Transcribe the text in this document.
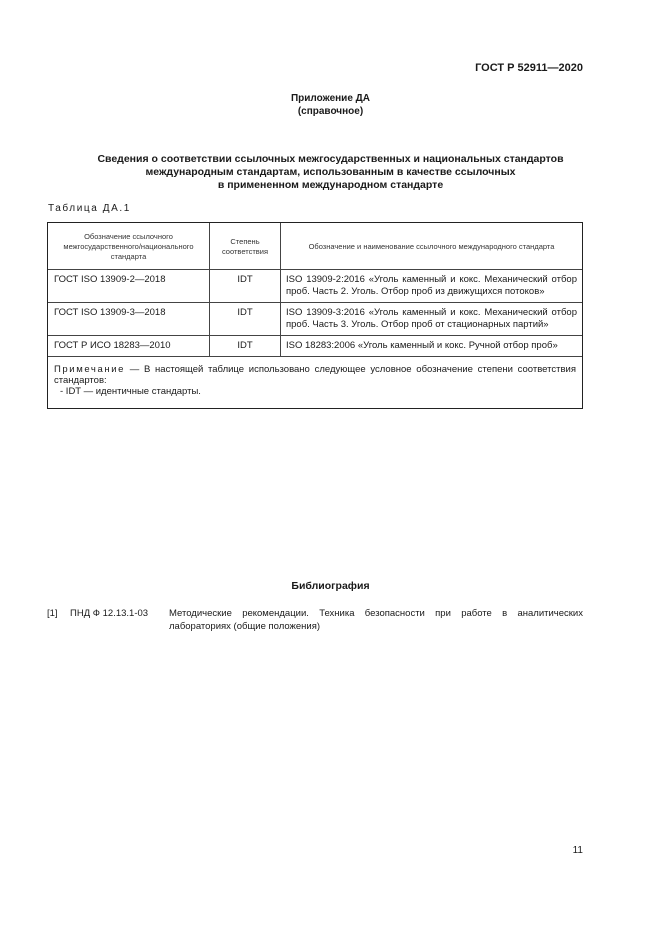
ГОСТ Р 52911—2020
Приложение ДА
(справочное)
Сведения о соответствии ссылочных межгосударственных и национальных стандартов
международным стандартам, использованным в качестве ссылочных
в примененном международном стандарте
Таблица ДА.1
Обозначение ссылочного межгосударственного/национального стандарта	Степень соответствия	Обозначение и наименование ссылочного международного стандарта
ГОСТ ISO 13909-2—2018	IDT	ISO 13909-2:2016 «Уголь каменный и кокс. Механический отбор проб. Часть 2. Уголь. Отбор проб из движущихся потоков»
ГОСТ ISO 13909-3—2018	IDT	ISO 13909-3:2016 «Уголь каменный и кокс. Механический отбор проб. Часть 3. Уголь. Отбор проб от стационарных партий»
ГОСТ Р ИСО 18283—2010	IDT	ISO 18283:2006 «Уголь каменный и кокс. Ручной отбор проб»
Примечание — В настоящей таблице использовано следующее условное обозначение степени соответствия стандартов:
- IDT — идентичные стандарты.		
Библиография
[1] ПНД Ф 12.13.1-03 Методические рекомендации. Техника безопасности при работе в аналитических лабораториях (общие положения)
11
